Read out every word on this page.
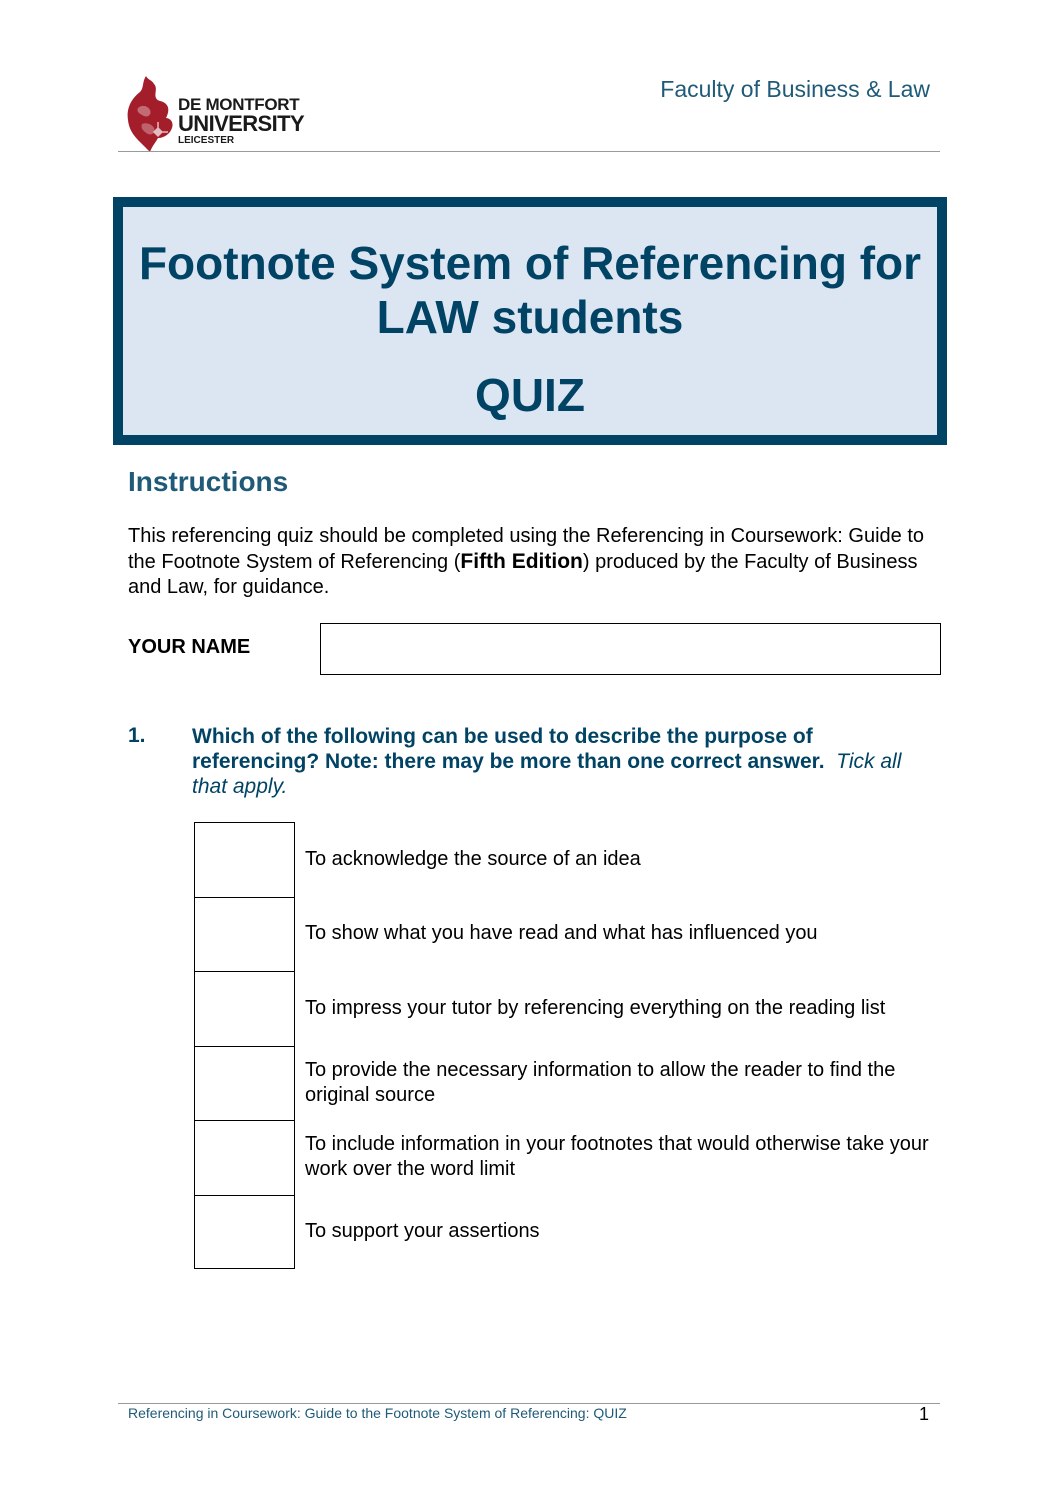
DE MONTFORT
UNIVERSITY
LEICESTER
Faculty of Business & Law
Footnote System of Referencing for
LAW students
QUIZ
Instructions
This referencing quiz should be completed using the Referencing in Coursework: Guide to the Footnote System of Referencing (Fifth Edition) produced by the Faculty of Business and Law, for guidance.
YOUR NAME
1. Which of the following can be used to describe the purpose of referencing? Note: there may be more than one correct answer. Tick all that apply.
To acknowledge the source of an idea
To show what you have read and what has influenced you
To impress your tutor by referencing everything on the reading list
To provide the necessary information to allow the reader to find the original source
To include information in your footnotes that would otherwise take your work over the word limit
To support your assertions
Referencing in Coursework: Guide to the Footnote System of Referencing: QUIZ	1
